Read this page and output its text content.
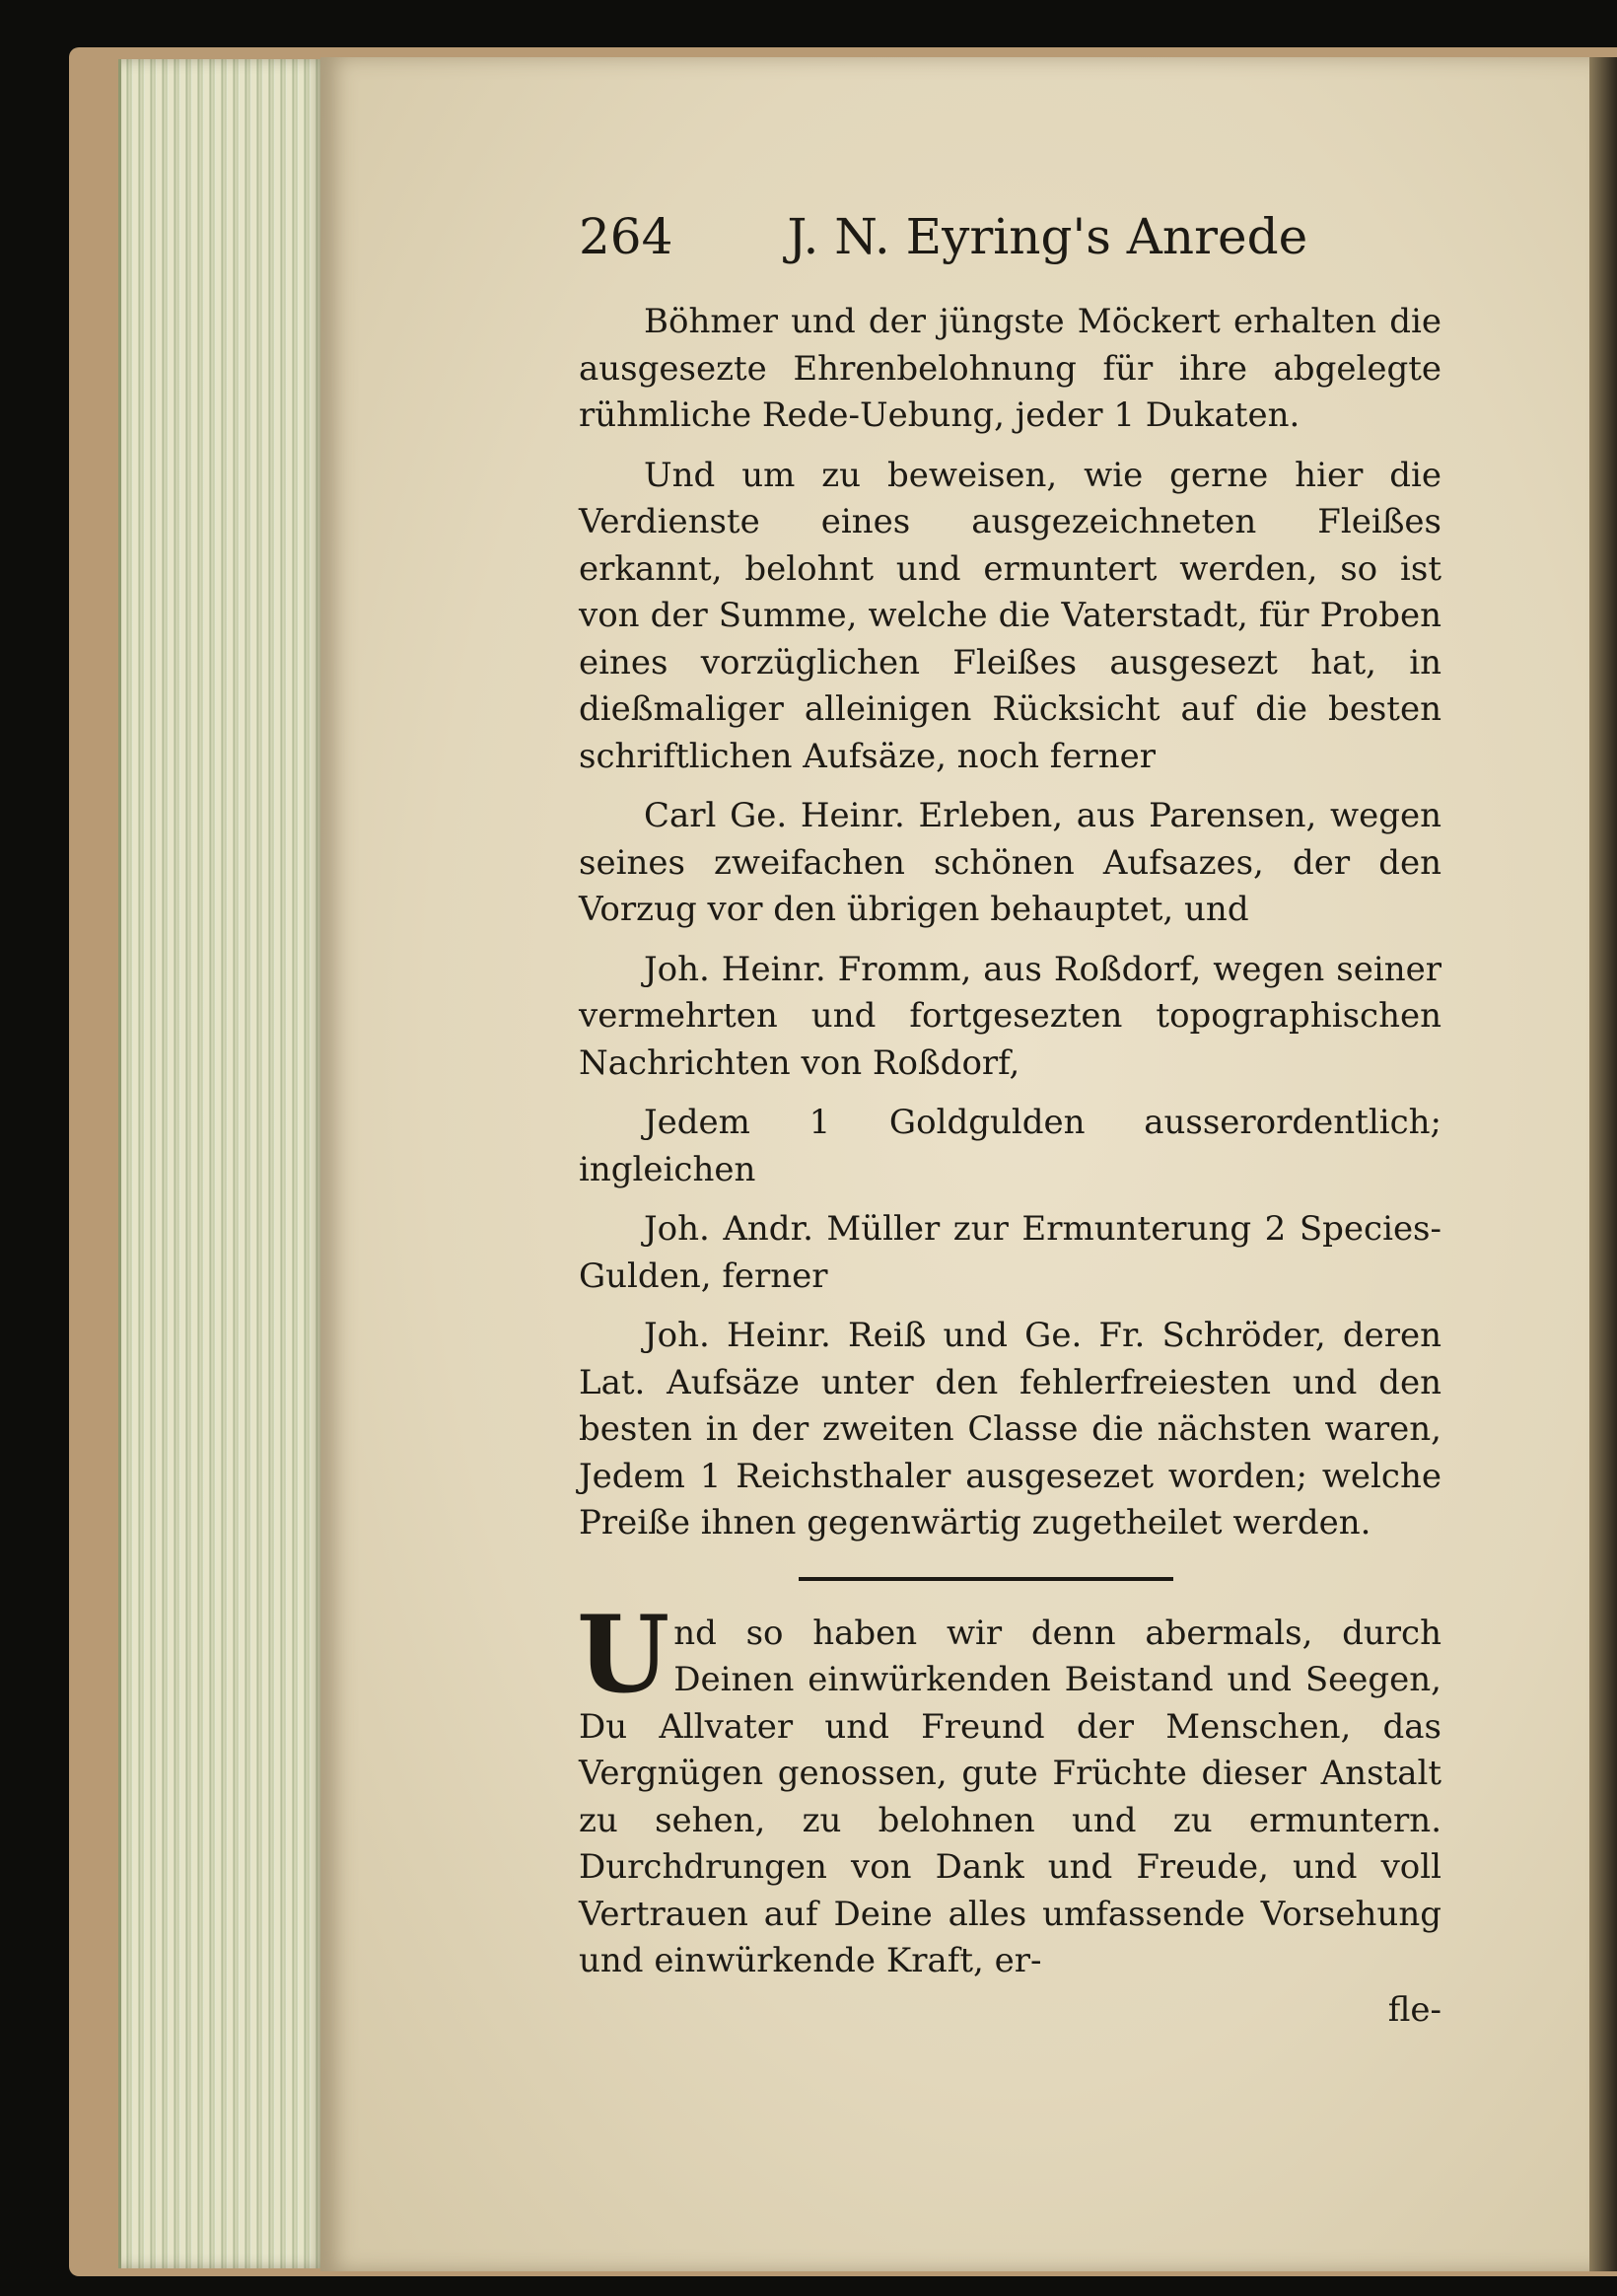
264 J. N. Eyring's Anrede

Böhmer und der jüngste Möckert erhalten die ausgesezte Ehrenbelohnung für ihre abgelegte rühmliche Rede-Uebung, jeder 1 Dukaten.

Und um zu beweisen, wie gerne hier die Verdienste eines ausgezeichneten Fleißes erkannt, belohnt und ermuntert werden, so ist von der Summe, welche die Vaterstadt, für Proben eines vorzüglichen Fleißes ausgesezt hat, in dießmaliger alleinigen Rücksicht auf die besten schriftlichen Aufsäze, noch ferner

Carl Ge. Heinr. Erleben, aus Parensen, wegen seines zweifachen schönen Aufsazes, der den Vorzug vor den übrigen behauptet, und

Joh. Heinr. Fromm, aus Roßdorf, wegen seiner vermehrten und fortgesezten topographischen Nachrichten von Roßdorf,

Jedem 1 Goldgulden ausserordentlich; ingleichen

Joh. Andr. Müller zur Ermunterung 2 Species-Gulden, ferner

Joh. Heinr. Reiß und Ge. Fr. Schröder, deren Lat. Aufsäze unter den fehlerfreiesten und den besten in der zweiten Classe die nächsten waren, Jedem 1 Reichsthaler ausgesezet worden; welche Preiße ihnen gegenwärtig zugetheilet werden.

Und so haben wir denn abermals, durch Deinen einwürkenden Beistand und Seegen, Du Allvater und Freund der Menschen, das Vergnügen genossen, gute Früchte dieser Anstalt zu sehen, zu belohnen und zu ermuntern. Durchdrungen von Dank und Freude, und voll Vertrauen auf Deine alles umfassende Vorsehung und einwürkende Kraft, er-

fle-
